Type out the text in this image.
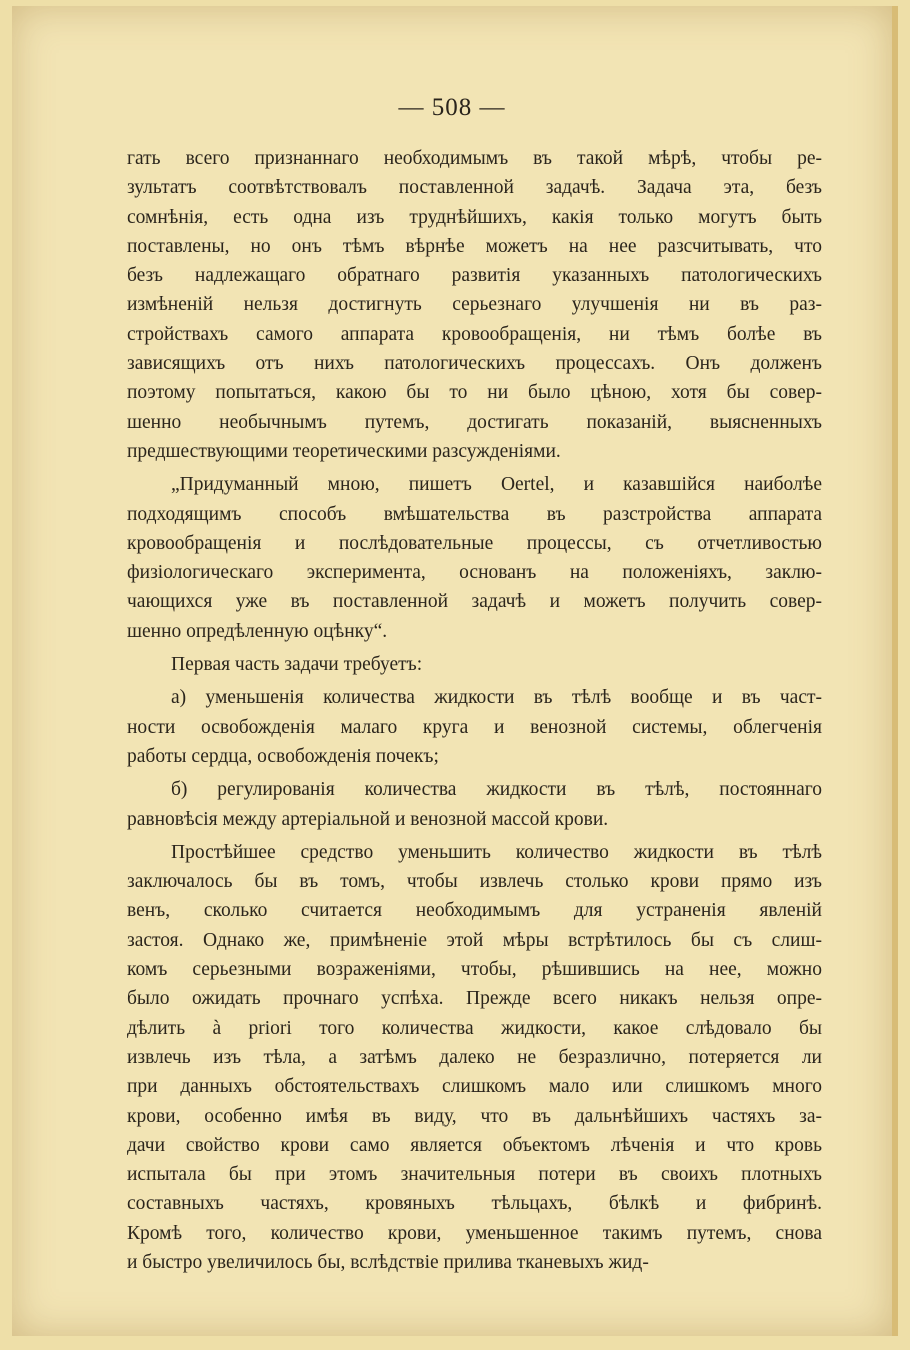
— 508 —
гать всего признаннаго необходимымъ въ такой мѣрѣ, чтобы ре-
зультатъ соотвѣтствовалъ поставленной задачѣ. Задача эта, безъ
сомнѣнія, есть одна изъ труднѣйшихъ, какія только могутъ быть
поставлены, но онъ тѣмъ вѣрнѣе можетъ на нее разсчитывать, что
безъ надлежащаго обратнаго развитія указанныхъ патологическихъ
измѣненій нельзя достигнуть серьезнаго улучшенія ни въ раз-
стройствахъ самого аппарата кровообращенія, ни тѣмъ болѣе въ
зависящихъ отъ нихъ патологическихъ процессахъ. Онъ долженъ
поэтому попытаться, какою бы то ни было цѣною, хотя бы совер-
шенно необычнымъ путемъ, достигать показаній, выясненныхъ
предшествующими теоретическими разсужденіями.
„Придуманный мною, пишетъ Oertel, и казавшійся наиболѣе
подходящимъ способъ вмѣшательства въ разстройства аппарата
кровообращенія и послѣдовательные процессы, съ отчетливостью
физіологическаго эксперимента, основанъ на положеніяхъ, заклю-
чающихся уже въ поставленной задачѣ и можетъ получить совер-
шенно опредѣленную оцѣнку“.
Первая часть задачи требуетъ:
а) уменьшенія количества жидкости въ тѣлѣ вообще и въ част-
ности освобожденія малаго круга и венозной системы, облегченія
работы сердца, освобожденія почекъ;
б) регулированія количества жидкости въ тѣлѣ, постояннаго
равновѣсія между артеріальной и венозной массой крови.
Простѣйшее средство уменьшить количество жидкости въ тѣлѣ
заключалось бы въ томъ, чтобы извлечь столько крови прямо изъ
венъ, сколько считается необходимымъ для устраненія явленій
застоя. Однако же, примѣненіе этой мѣры встрѣтилось бы съ слиш-
комъ серьезными возраженіями, чтобы, рѣшившись на нее, можно
было ожидать прочнаго успѣха. Прежде всего никакъ нельзя опре-
дѣлить à priori того количества жидкости, какое слѣдовало бы
извлечь изъ тѣла, а затѣмъ далеко не безразлично, потеряется ли
при данныхъ обстоятельствахъ слишкомъ мало или слишкомъ много
крови, особенно имѣя въ виду, что въ дальнѣйшихъ частяхъ за-
дачи свойство крови само является объектомъ лѣченія и что кровь
испытала бы при этомъ значительныя потери въ своихъ плотныхъ
составныхъ частяхъ, кровяныхъ тѣльцахъ, бѣлкѣ и фибринѣ.
Кромѣ того, количество крови, уменьшенное такимъ путемъ, снова
и быстро увеличилось бы, вслѣдствіе прилива тканевыхъ жид-
